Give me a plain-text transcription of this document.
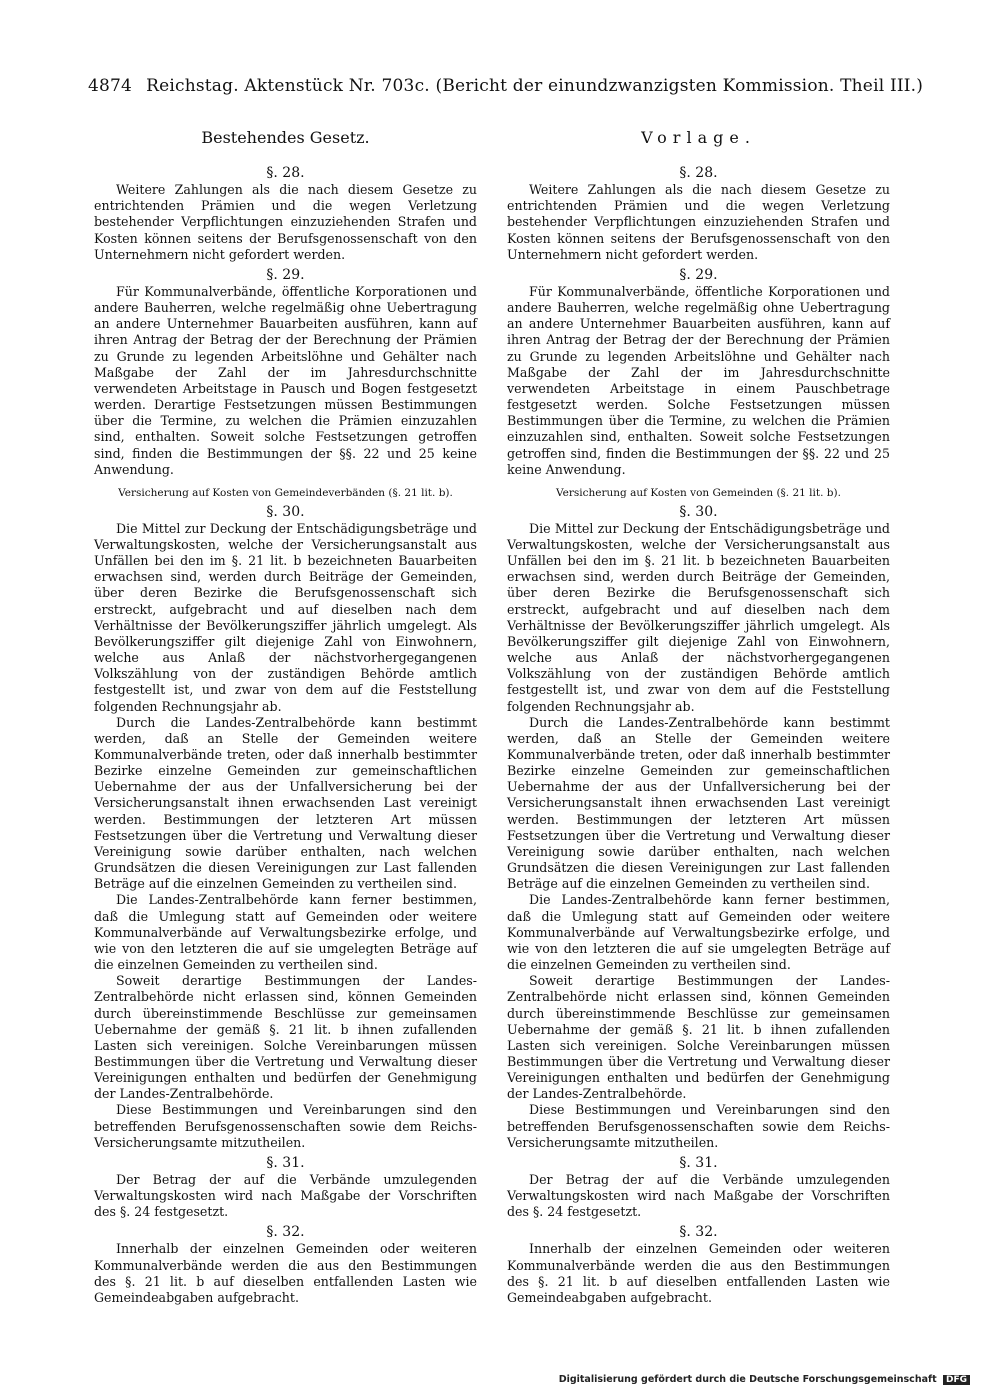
4874 Reichstag. Aktenstück Nr. 703c. (Bericht der einundzwanzigsten Kommission. Theil III.)
Bestehendes Gesetz.
§. 28.

Weitere Zahlungen als die nach diesem Gesetze zu entrichtenden Prämien und die wegen Verletzung bestehender Verpflichtungen einzuziehenden Strafen und Kosten können seitens der Berufsgenossenschaft von den Unternehmern nicht gefordert werden.

§. 29.

Für Kommunalverbände, öffentliche Korporationen und andere Bauherren, welche regelmäßig ohne Uebertragung an andere Unternehmer Bauarbeiten ausführen, kann auf ihren Antrag der Betrag der der Berechnung der Prämien zu Grunde zu legenden Arbeitslöhne und Gehälter nach Maßgabe der Zahl der im Jahresdurchschnitte verwendeten Arbeitstage in Pausch und Bogen festgesetzt werden. Derartige Festsetzungen müssen Bestimmungen über die Termine, zu welchen die Prämien einzuzahlen sind, enthalten. Soweit solche Festsetzungen getroffen sind, finden die Bestimmungen der §§. 22 und 25 keine Anwendung.

Versicherung auf Kosten von Gemeindeverbänden (§. 21 lit. b).
§. 30.

Die Mittel zur Deckung der Entschädigungsbeträge und Verwaltungskosten, welche der Versicherungsanstalt aus Unfällen bei den im §. 21 lit. b bezeichneten Bauarbeiten erwachsen sind, werden durch Beiträge der Gemeinden, über deren Bezirke die Berufsgenossenschaft sich erstreckt, aufgebracht und auf dieselben nach dem Verhältnisse der Bevölkerungsziffer jährlich umgelegt. Als Bevölkerungsziffer gilt diejenige Zahl von Einwohnern, welche aus Anlaß der nächstvorhergegangenen Volkszählung von der zuständigen Behörde amtlich festgestellt ist, und zwar von dem auf die Feststellung folgenden Rechnungsjahr ab.

Durch die Landes-Zentralbehörde kann bestimmt werden, daß an Stelle der Gemeinden weitere Kommunalverbände treten, oder daß innerhalb bestimmter Bezirke einzelne Gemeinden zur gemeinschaftlichen Uebernahme der aus der Unfallversicherung bei der Versicherungsanstalt ihnen erwachsenden Last vereinigt werden. Bestimmungen der letzteren Art müssen Festsetzungen über die Vertretung und Verwaltung dieser Vereinigung sowie darüber enthalten, nach welchen Grundsätzen die diesen Vereinigungen zur Last fallenden Beträge auf die einzelnen Gemeinden zu vertheilen sind.

Die Landes-Zentralbehörde kann ferner bestimmen, daß die Umlegung statt auf Gemeinden oder weitere Kommunalverbände auf Verwaltungsbezirke erfolge, und wie von den letzteren die auf sie umgelegten Beträge auf die einzelnen Gemeinden zu vertheilen sind.

Soweit derartige Bestimmungen der Landes-Zentralbehörde nicht erlassen sind, können Gemeinden durch übereinstimmende Beschlüsse zur gemeinsamen Uebernahme der gemäß §. 21 lit. b ihnen zufallenden Lasten sich vereinigen. Solche Vereinbarungen müssen Bestimmungen über die Vertretung und Verwaltung dieser Vereinigungen enthalten und bedürfen der Genehmigung der Landes-Zentralbehörde.

Diese Bestimmungen und Vereinbarungen sind den betreffenden Berufsgenossenschaften sowie dem Reichs-Versicherungsamte mitzutheilen.

§. 31.

Der Betrag der auf die Verbände umzulegenden Verwaltungskosten wird nach Maßgabe der Vorschriften des §. 24 festgesetzt.

§. 32.

Innerhalb der einzelnen Gemeinden oder weiteren Kommunalverbände werden die aus den Bestimmungen des §. 21 lit. b auf dieselben entfallenden Lasten wie Gemeindeabgaben aufgebracht.

Vorlage.
§. 28.

Weitere Zahlungen als die nach diesem Gesetze zu entrichtenden Prämien und die wegen Verletzung bestehender Verpflichtungen einzuziehenden Strafen und Kosten können seitens der Berufsgenossenschaft von den Unternehmern nicht gefordert werden.

§. 29.

Für Kommunalverbände, öffentliche Korporationen und andere Bauherren, welche regelmäßig ohne Uebertragung an andere Unternehmer Bauarbeiten ausführen, kann auf ihren Antrag der Betrag der der Berechnung der Prämien zu Grunde zu legenden Arbeitslöhne und Gehälter nach Maßgabe der Zahl der im Jahresdurchschnitte verwendeten Arbeitstage in einem Pauschbetrage festgesetzt werden. Solche Festsetzungen müssen Bestimmungen über die Termine, zu welchen die Prämien einzuzahlen sind, enthalten. Soweit solche Festsetzungen getroffen sind, finden die Bestimmungen der §§. 22 und 25 keine Anwendung.

Versicherung auf Kosten von Gemeinden (§. 21 lit. b).
§. 30.

Die Mittel zur Deckung der Entschädigungsbeträge und Verwaltungskosten, welche der Versicherungsanstalt aus Unfällen bei den im §. 21 lit. b bezeichneten Bauarbeiten erwachsen sind, werden durch Beiträge der Gemeinden, über deren Bezirke die Berufsgenossenschaft sich erstreckt, aufgebracht und auf dieselben nach dem Verhältnisse der Bevölkerungsziffer jährlich umgelegt. Als Bevölkerungsziffer gilt diejenige Zahl von Einwohnern, welche aus Anlaß der nächstvorhergegangenen Volkszählung von der zuständigen Behörde amtlich festgestellt ist, und zwar von dem auf die Feststellung folgenden Rechnungsjahr ab.

Durch die Landes-Zentralbehörde kann bestimmt werden, daß an Stelle der Gemeinden weitere Kommunalverbände treten, oder daß innerhalb bestimmter Bezirke einzelne Gemeinden zur gemeinschaftlichen Uebernahme der aus der Unfallversicherung bei der Versicherungsanstalt ihnen erwachsenden Last vereinigt werden. Bestimmungen der letzteren Art müssen Festsetzungen über die Vertretung und Verwaltung dieser Vereinigung sowie darüber enthalten, nach welchen Grundsätzen die diesen Vereinigungen zur Last fallenden Beträge auf die einzelnen Gemeinden zu vertheilen sind.

Die Landes-Zentralbehörde kann ferner bestimmen, daß die Umlegung statt auf Gemeinden oder weitere Kommunalverbände auf Verwaltungsbezirke erfolge, und wie von den letzteren die auf sie umgelegten Beträge auf die einzelnen Gemeinden zu vertheilen sind.

Soweit derartige Bestimmungen der Landes-Zentralbehörde nicht erlassen sind, können Gemeinden durch übereinstimmende Beschlüsse zur gemeinsamen Uebernahme der gemäß §. 21 lit. b ihnen zufallenden Lasten sich vereinigen. Solche Vereinbarungen müssen Bestimmungen über die Vertretung und Verwaltung dieser Vereinigungen enthalten und bedürfen der Genehmigung der Landes-Zentralbehörde.

Diese Bestimmungen und Vereinbarungen sind den betreffenden Berufsgenossenschaften sowie dem Reichs-Versicherungsamte mitzutheilen.

§. 31.

Der Betrag der auf die Verbände umzulegenden Verwaltungskosten wird nach Maßgabe der Vorschriften des §. 24 festgesetzt.

§. 32.

Innerhalb der einzelnen Gemeinden oder weiteren Kommunalverbände werden die aus den Bestimmungen des §. 21 lit. b auf dieselben entfallenden Lasten wie Gemeindeabgaben aufgebracht.

Digitalisierung gefördert durch die Deutsche Forschungsgemeinschaft DFG
